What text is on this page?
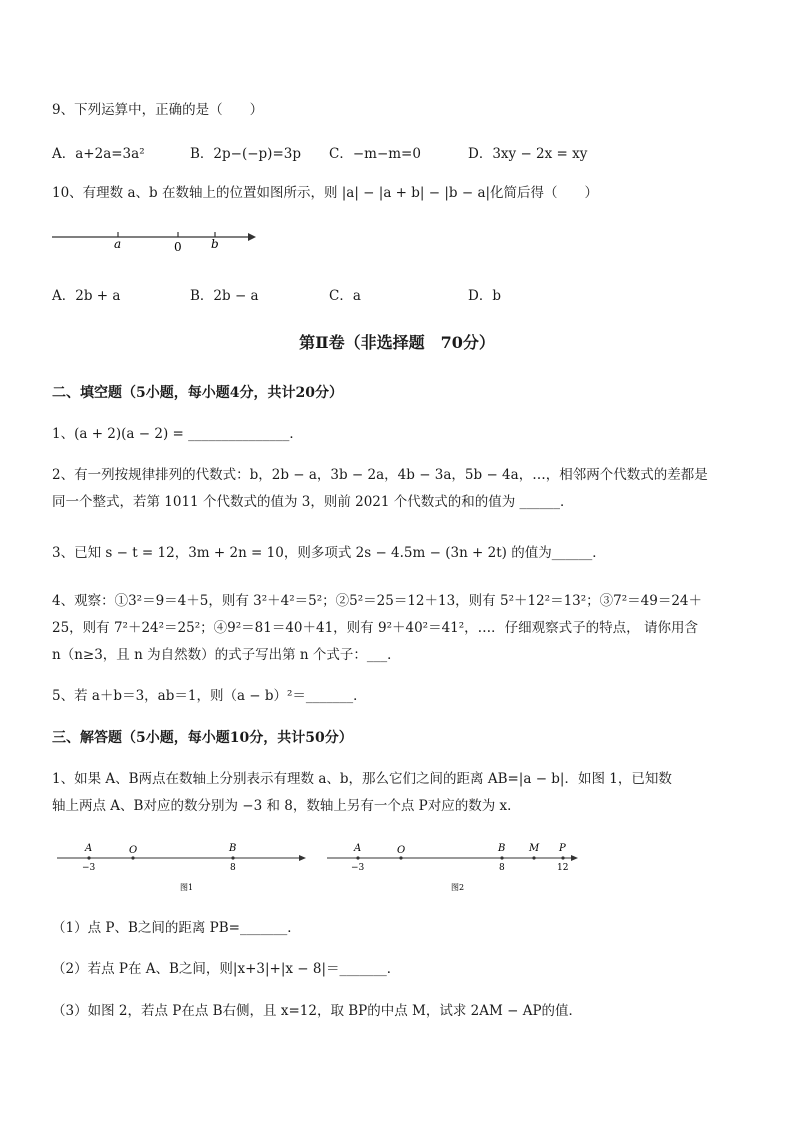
9、下列运算中，正确的是（　　）
A．a+2a=3a²	B．2p−(−p)=3p C．−m−m=0	D．3xy − 2x = xy
10、有理数 a、b 在数轴上的位置如图所示，则 |a| − |a + b| − |b − a|化简后得（　　）
a	0 b
A．2b + a	B．2b − a	C．a	D．b
第Ⅱ卷（非选择题　70分）
二、填空题（5小题，每小题4分，共计20分）
1、(a + 2)(a − 2) = _______________．
2、有一列按规律排列的代数式：b，2b − a，3b − 2a，4b − 3a，5b − 4a，…，相邻两个代数式的差都是
同一个整式，若第 1011 个代数式的值为 3，则前 2021 个代数式的和的值为 ______．
3、已知 s − t = 12，3m + 2n = 10，则多项式 2s − 4.5m − (3n + 2t) 的值为______．
4、观察：①3²＝9＝4＋5，则有 3²＋4²＝5²；②5²＝25＝12＋13，则有 5²＋12²＝13²；③7²＝49＝24＋
25，则有 7²＋24²＝25²；④9²＝81＝40＋41，则有 9²＋40²＝41²，…．仔细观察式子的特点， 请你用含
n（n≥3，且 n 为自然数）的式子写出第 n 个式子：___．
5、若 a＋b＝3，ab＝1，则（a − b）²＝_______．
三、解答题（5小题，每小题10分，共计50分）
1、如果 A、B两点在数轴上分别表示有理数 a、b，那么它们之间的距离 AB=|a − b|．如图 1，已知数
轴上两点 A、B对应的数分别为 −3 和 8，数轴上另有一个点 P对应的数为 x．
A	O	B
−3	8
图1
A	O	B M P
−3	8	12
图2
（1）点 P、B之间的距离 PB=_______．
（2）若点 P在 A、B之间，则|x+3|+|x − 8|＝_______．
（3）如图 2，若点 P在点 B右侧，且 x=12，取 BP的中点 M，试求 2AM − AP的值．
